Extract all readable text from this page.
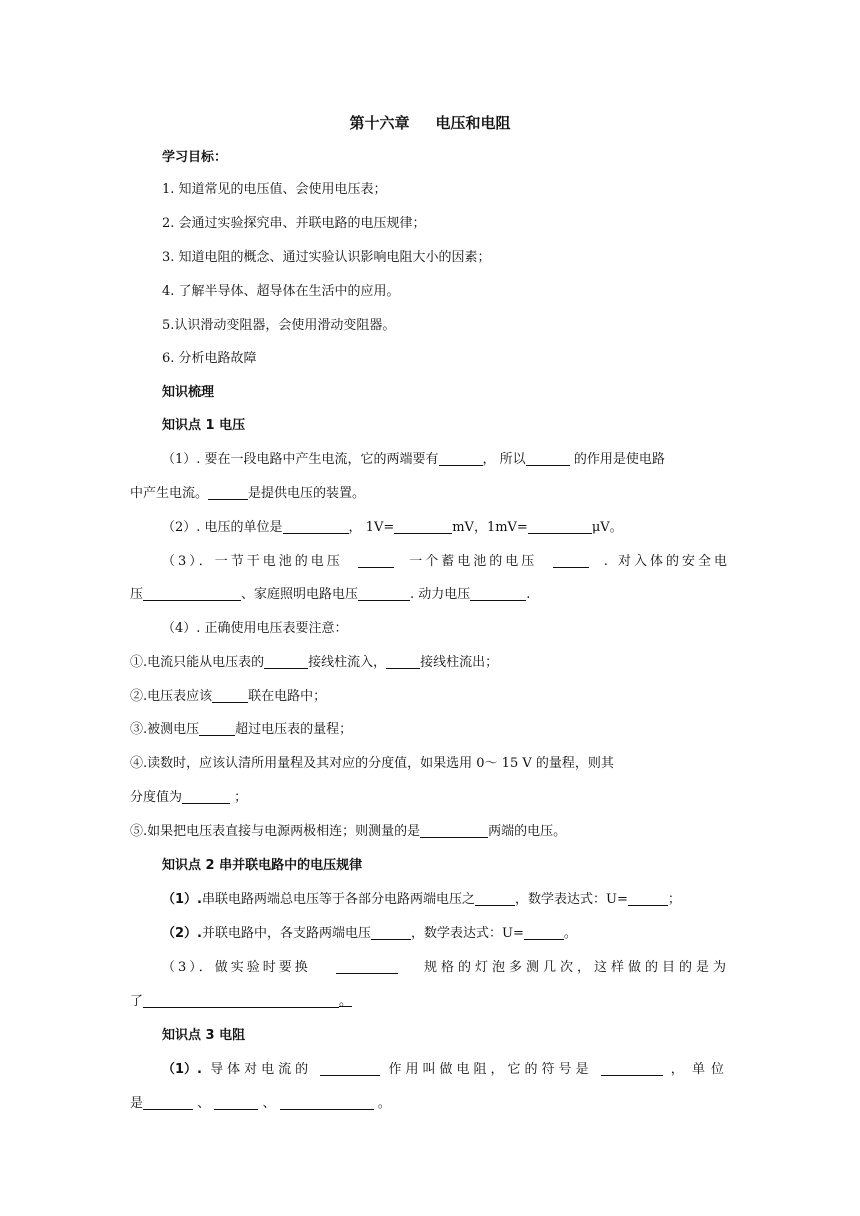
第十六章 电压和电阻
学习目标：
1. 知道常见的电压值、会使用电压表；
2. 会通过实验探究串、并联电路的电压规律；
3. 知道电阻的概念、通过实验认识影响电阻大小的因素；
4. 了解半导体、超导体在生活中的应用。
5.认识滑动变阻器，会使用滑动变阻器。
6. 分析电路故障
知识梳理
知识点 1 电压
（1）. 要在一段电路中产生电流，它的两端要有	， 所以	的作用是使电路
中产生电流。	是提供电压的装置。
（2）. 电压的单位是	， 1V=	mV，1mV=	μV。
（3）．一节干电池的电压	一个蓄电池的电压	. 对入体的安全电
压	、家庭照明电路电压	. 动力电压	.
（4）. 正确使用电压表要注意：
①.电流只能从电压表的	接线柱流入，	接线柱流出；
②.电压表应该	联在电路中；
③.被测电压	超过电压表的量程；
④.读数时，应该认清所用量程及其对应的分度值，如果选用 0～ 15 V 的量程，则其
分度值为	；
⑤.如果把电压表直接与电源两极相连；则测量的是	两端的电压。
知识点 2 串并联电路中的电压规律
（1）.串联电路两端总电压等于各部分电路两端电压之	，数学表达式：U=	；
（2）.并联电路中，各支路两端电压	，数学表达式：U=	。
（3）．做实验时要换	规格的灯泡多测几次，这样做的目的是为
了	。
知识点 3 电阻
（1）. 导体对电流的	作用叫做电阻，它的符号是	， 单位
是	、	、	。
